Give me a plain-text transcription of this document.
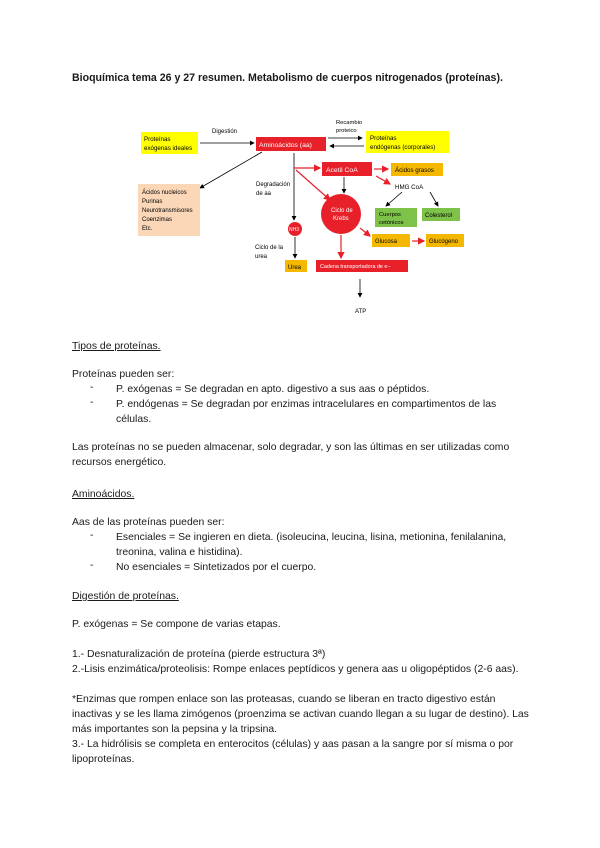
Bioquímica tema 26 y 27 resumen. Metabolismo de cuerpos nitrogenados (proteínas).
Proteínas
exógenas ideales
Digestión
Aminoácidos (aa)
Recambio
proteico
Proteínas
endógenas (corporales)
Ácidos nucleicos
Purinas
Neurotransmisores
Coenzimas
Etc.
Degradación
de aa
Acetil CoA	Ácidos grasos
HMG CoA
Cuerpos
cetónicos
Colesterol
Ciclo de
Krebs
NH3
Ciclo de la
urea
Urea
Glucosa	Glucógeno
Cadena transportadora de e−
ATP
Tipos de proteínas.
Proteínas pueden ser:
- P. exógenas = Se degradan en apto. digestivo a sus aas o péptidos.
- P. endógenas = Se degradan por enzimas intracelulares en compartimentos de las células.
Las proteínas no se pueden almacenar, solo degradar, y son las últimas en ser utilizadas como recursos energético.
Aminoácidos.
Aas de las proteínas pueden ser:
- Esenciales = Se ingieren en dieta. (isoleucina, leucina, lisina, metionina, fenilalanina, treonina, valina e histidina).
- No esenciales = Sintetizados por el cuerpo.
Digestión de proteínas.
P. exógenas = Se compone de varias etapas.
1.- Desnaturalización de proteína (pierde estructura 3ª)
2.-Lisis enzimática/proteolisis: Rompe enlaces peptídicos y genera aas u oligopéptidos (2-6 aas).
*Enzimas que rompen enlace son las proteasas, cuando se liberan en tracto digestivo están inactivas y se les llama zimógenos (proenzima se activan cuando llegan a su lugar de destino). Las más importantes son la pepsina y la tripsina.
3.- La hidrólisis se completa en enterocitos (células) y aas pasan a la sangre por sí misma o por lipoproteínas.
